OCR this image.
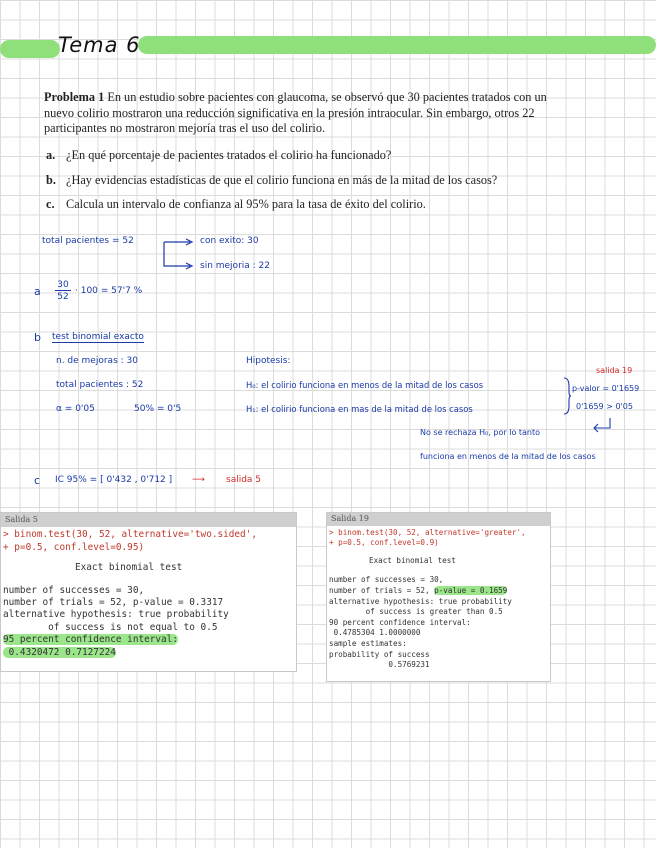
Tema 6
Problema 1 En un estudio sobre pacientes con glaucoma, se observó que 30 pacientes tratados con un nuevo colirio mostraron una reducción significativa en la presión intraocular. Sin embargo, otros 22 participantes no mostraron mejoría tras el uso del colirio.
a. ¿En qué porcentaje de pacientes tratados el colirio ha funcionado?
b. ¿Hay evidencias estadísticas de que el colirio funciona en más de la mitad de los casos?
c. Calcula un intervalo de confianza al 95% para la tasa de éxito del colirio.
total pacientes = 52	con exito: 30
sin mejoria : 22
a 30
52
· 100 = 57'7 %
b test binomial exacto
n. de mejoras : 30
total pacientes : 52
α = 0'05	50% = 0'5
Hipotesis:
H₀: el colirio funciona en menos de la mitad de los casos
H₁: el colirio funciona en mas de la mitad de los casos
salida 19
p-valor = 0'1659
0'1659 > 0'05
No se rechaza H₀, por lo tanto
funciona en menos de la mitad de los casos
c IC 95% = [ 0'432 , 0'712 ] ⟶ salida 5
Salida 5
> binom.test(30, 52, alternative='two.sided',
+ p=0.5, conf.level=0.95)
Exact binomial test
number of successes = 30,
number of trials = 52, p-value = 0.3317
alternative hypothesis: true probability
of success is not equal to 0.5
95 percent confidence interval:
0.4320472 0.7127224
Salida 19
> binom.test(30, 52, alternative='greater',
+ p=0.5, conf.level=0.9)
Exact binomial test
number of successes = 30,
number of trials = 52, p-value = 0.1659
alternative hypothesis: true probability
of success is greater than 0.5
90 percent confidence interval:
0.4785304 1.0000000
sample estimates:
probability of success
0.5769231
